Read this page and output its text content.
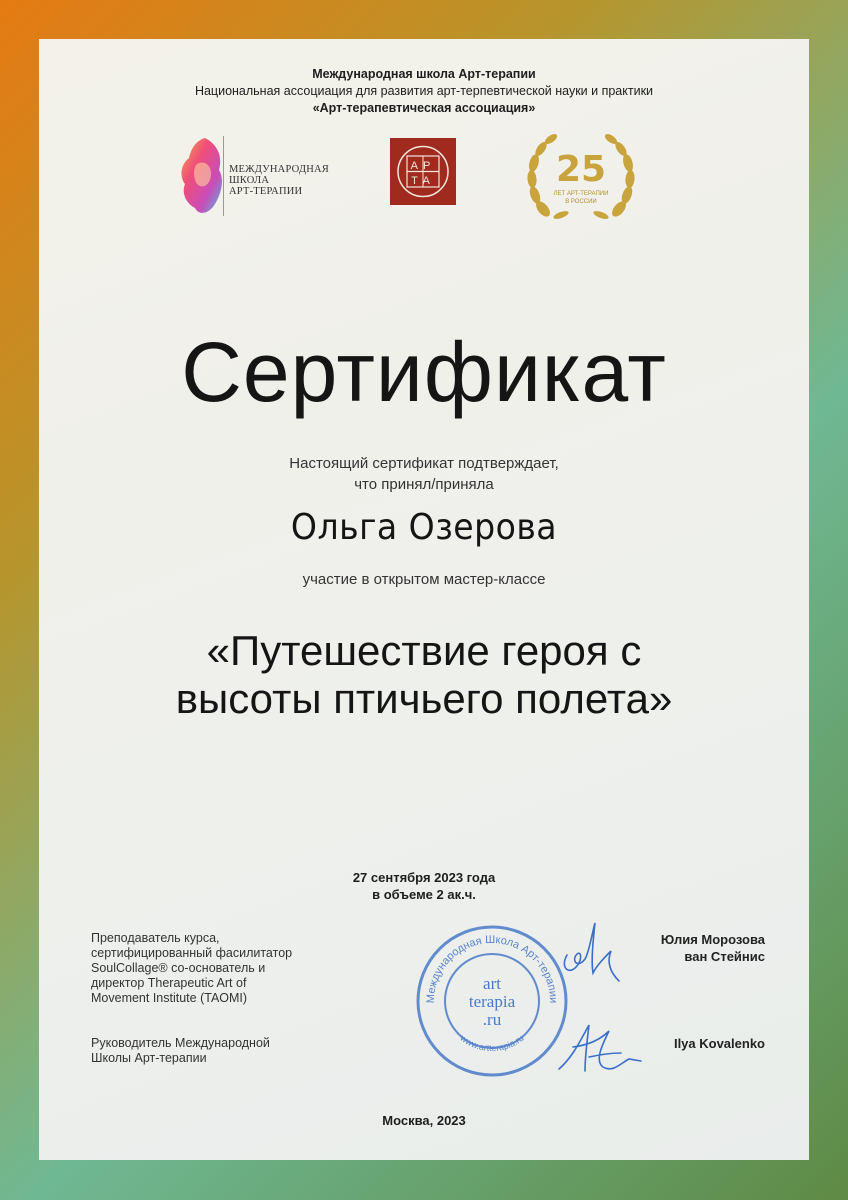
Международная школа Арт-терапии
Национальная ассоциация для развития арт-терпевтической науки и практики
«Арт-терапевтическая ассоциация»
МЕЖДУНАРОДНАЯ
ШКОЛА
АРТ-ТЕРАПИИ
АР
ТА	25
ЛЕТ АРТ-ТЕРАПИИ
В РОССИИ
Сертификат
Настоящий сертификат подтверждает,
что принял/приняла
Ольга Озерова
участие в открытом мастер-классе
«Путешествие героя с
высоты птичьего полета»
27 сентября 2023 года
в объеме 2 ак.ч.
Преподаватель курса,
сертифицированный фасилитатор
SoulCollage® со-основатель и
директор Therapeutic Art of
Movement Institute (TAOMI)
Руководитель Международной
Школы Арт-терапии
Международная Школа Арт-терапии
www.artterapia.ru
art
terapia
.ru
Юлия Морозова
ван Стейнис
Ilya Kovalenko
Москва, 2023
